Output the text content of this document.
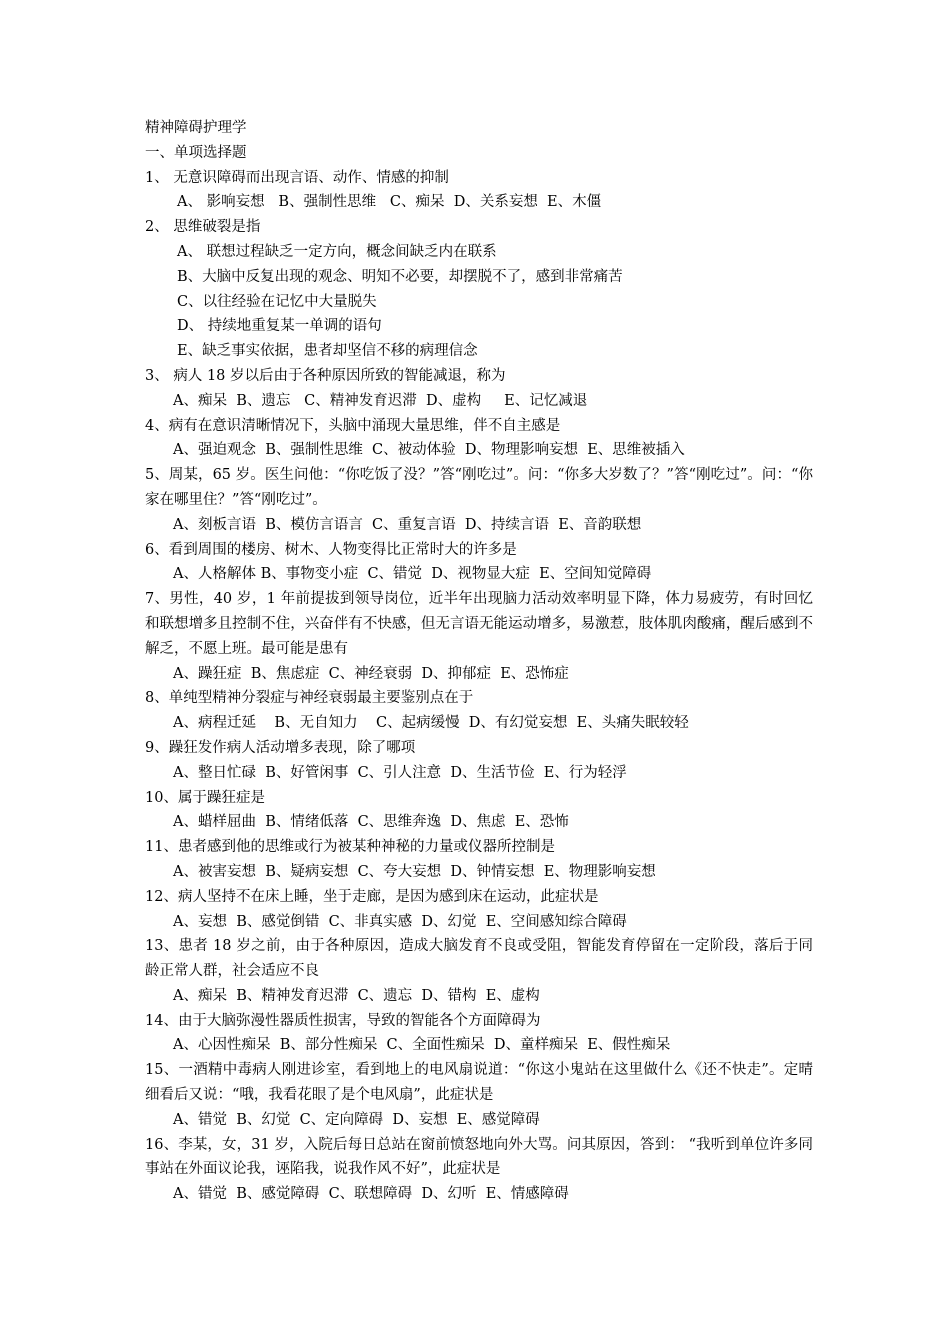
精神障碍护理学
一、单项选择题
1、 无意识障碍而出现言语、动作、情感的抑制
A、 影响妄想   B、强制性思维   C、痴呆  D、关系妄想  E、木僵
2、 思维破裂是指
A、 联想过程缺乏一定方向，概念间缺乏内在联系
B、大脑中反复出现的观念、明知不必要，却摆脱不了，感到非常痛苦
C、以往经验在记忆中大量脱失
D、 持续地重复某一单调的语句
E、缺乏事实依据，患者却坚信不移的病理信念
3、 病人 18 岁以后由于各种原因所致的智能减退，称为
A、痴呆  B、遗忘   C、精神发育迟滞  D、虚构     E、记忆减退
4、病有在意识清晰情况下，头脑中涌现大量思维，伴不自主感是
A、强迫观念  B、强制性思维  C、被动体验  D、物理影响妄想  E、思维被插入
5、周某，65 岁。医生问他：“你吃饭了没？”答“刚吃过”。问：“你多大岁数了？”答“刚吃过”。问：“你家在哪里住？”答“刚吃过”。
A、刻板言语  B、模仿言语言  C、重复言语  D、持续言语  E、音韵联想
6、看到周围的楼房、树木、人物变得比正常时大的许多是
A、人格解体 B、事物变小症  C、错觉  D、视物显大症  E、空间知觉障碍
7、男性，40 岁，1 年前提拔到领导岗位，近半年出现脑力活动效率明显下降，体力易疲劳，有时回忆和联想增多且控制不住，兴奋伴有不快感，但无言语无能运动增多，易激惹，肢体肌肉酸痛，醒后感到不解乏，不愿上班。最可能是患有
A、躁狂症  B、焦虑症  C、神经衰弱  D、抑郁症  E、恐怖症
8、单纯型精神分裂症与神经衰弱最主要鉴别点在于
A、病程迁延    B、无自知力    C、起病缓慢  D、有幻觉妄想  E、头痛失眠较轻
9、躁狂发作病人活动增多表现，除了哪项
A、整日忙碌  B、好管闲事  C、引人注意  D、生活节俭  E、行为轻浮
10、属于躁狂症是
A、蜡样屈曲  B、情绪低落  C、思维奔逸  D、焦虑  E、恐怖
11、患者感到他的思维或行为被某种神秘的力量或仪器所控制是
A、被害妄想  B、疑病妄想  C、夸大妄想  D、钟情妄想  E、物理影响妄想
12、病人坚持不在床上睡，坐于走廊，是因为感到床在运动，此症状是
A、妄想  B、感觉倒错  C、非真实感  D、幻觉  E、空间感知综合障碍
13、患者 18 岁之前，由于各种原因，造成大脑发育不良或受阻，智能发育停留在一定阶段，落后于同龄正常人群，社会适应不良
A、痴呆  B、精神发育迟滞  C、遗忘  D、错构  E、虚构
14、由于大脑弥漫性器质性损害，导致的智能各个方面障碍为
A、心因性痴呆  B、部分性痴呆  C、全面性痴呆  D、童样痴呆  E、假性痴呆
15、一酒精中毒病人刚进诊室，看到地上的电风扇说道：“你这小鬼站在这里做什么《还不快走”。定晴细看后又说：“哦，我看花眼了是个电风扇”，此症状是
A、错觉  B、幻觉  C、定向障碍  D、妄想  E、感觉障碍
16、李某，女，31 岁，入院后每日总站在窗前愤怒地向外大骂。问其原因，答到： “我听到单位许多同事站在外面议论我，诬陷我，说我作风不好”，此症状是
A、错觉  B、感觉障碍  C、联想障碍  D、幻听  E、情感障碍
